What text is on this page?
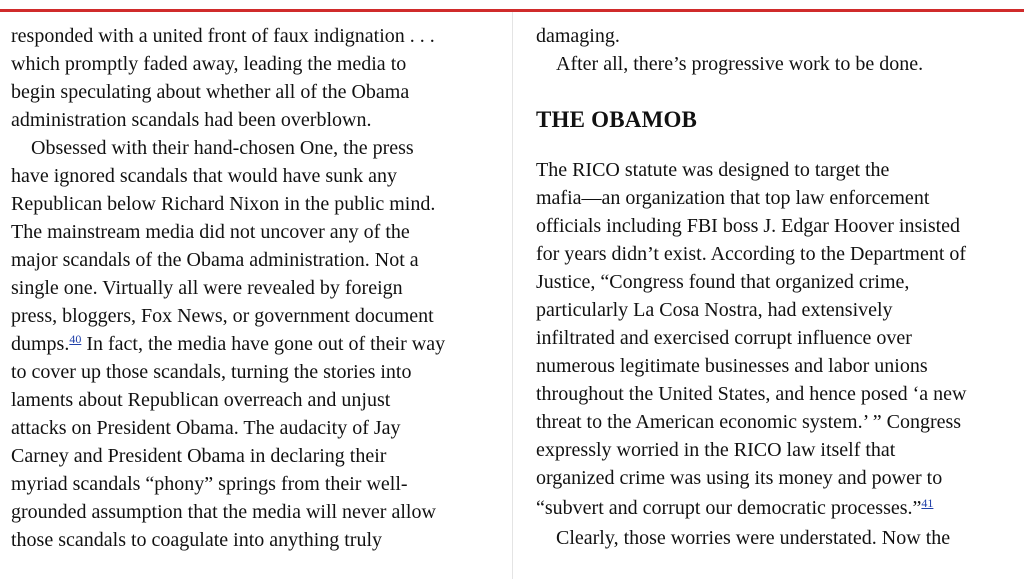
responded with a united front of faux indignation . . .
which promptly faded away, leading the media to
begin speculating about whether all of the Obama
administration scandals had been overblown.
Obsessed with their hand-chosen One, the press
have ignored scandals that would have sunk any
Republican below Richard Nixon in the public mind.
The mainstream media did not uncover any of the
major scandals of the Obama administration. Not a
single one. Virtually all were revealed by foreign
press, bloggers, Fox News, or government document
dumps.$^{40}$ In fact, the media have gone out of their way
to cover up those scandals, turning the stories into
laments about Republican overreach and unjust
attacks on President Obama. The audacity of Jay
Carney and President Obama in declaring their
myriad scandals “phony” springs from their well-
grounded assumption that the media will never allow
those scandals to coagulate into anything truly
damaging.
After all, there’s progressive work to be done.
THE OBAMOB
The RICO statute was designed to target the
mafia—an organization that top law enforcement
officials including FBI boss J. Edgar Hoover insisted
for years didn’t exist. According to the Department of
Justice, “Congress found that organized crime,
particularly La Cosa Nostra, had extensively
infiltrated and exercised corrupt influence over
numerous legitimate businesses and labor unions
throughout the United States, and hence posed ‘a new
threat to the American economic system.’ ” Congress
expressly worried in the RICO law itself that
organized crime was using its money and power to
“subvert and corrupt our democratic processes.”$^{41}$
Clearly, those worries were understated. Now the
